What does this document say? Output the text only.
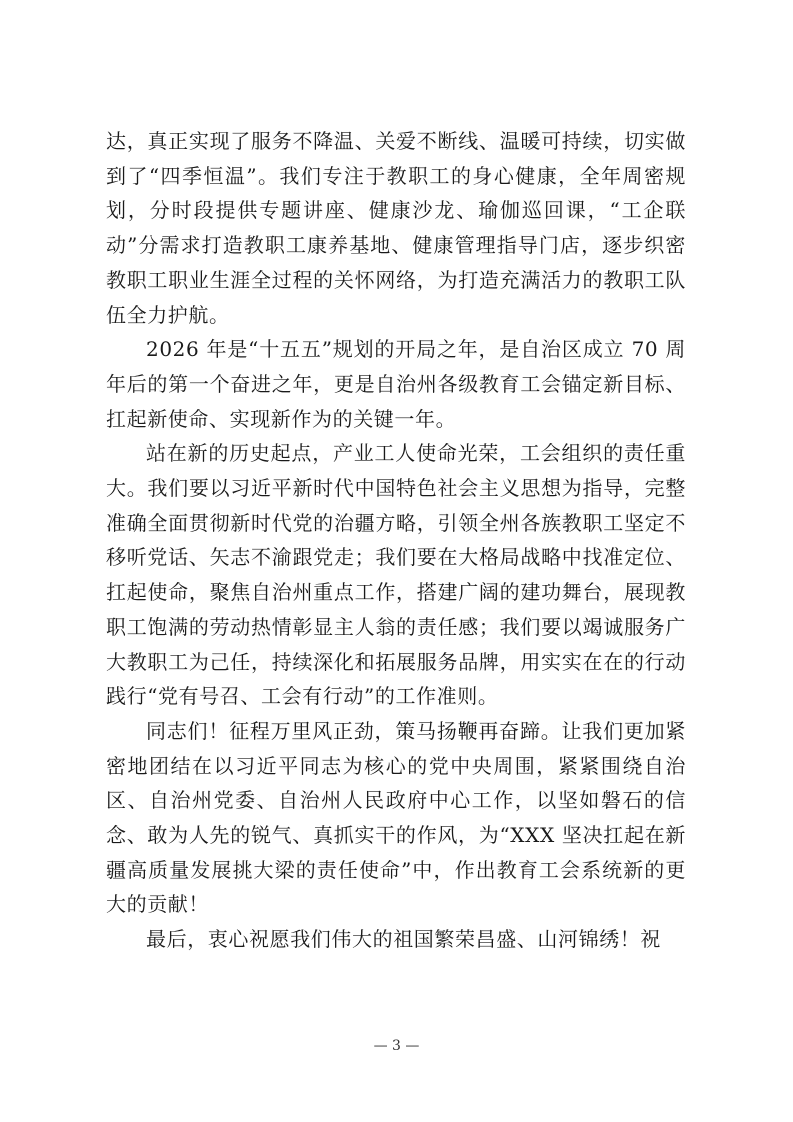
达，真正实现了服务不降温、关爱不断线、温暖可持续，切实做到了“四季恒温”。我们专注于教职工的身心健康，全年周密规划，分时段提供专题讲座、健康沙龙、瑜伽巡回课，“工企联动”分需求打造教职工康养基地、健康管理指导门店，逐步织密教职工职业生涯全过程的关怀网络，为打造充满活力的教职工队伍全力护航。

2026 年是“十五五”规划的开局之年，是自治区成立 70 周年后的第一个奋进之年，更是自治州各级教育工会锚定新目标、扛起新使命、实现新作为的关键一年。

站在新的历史起点，产业工人使命光荣，工会组织的责任重大。我们要以习近平新时代中国特色社会主义思想为指导，完整准确全面贯彻新时代党的治疆方略，引领全州各族教职工坚定不移听党话、矢志不渝跟党走；我们要在大格局战略中找准定位、扛起使命，聚焦自治州重点工作，搭建广阔的建功舞台，展现教职工饱满的劳动热情彰显主人翁的责任感；我们要以竭诚服务广大教职工为己任，持续深化和拓展服务品牌，用实实在在的行动践行“党有号召、工会有行动”的工作准则。

同志们！征程万里风正劲，策马扬鞭再奋蹄。让我们更加紧密地团结在以习近平同志为核心的党中央周围，紧紧围绕自治区、自治州党委、自治州人民政府中心工作，以坚如磐石的信念、敢为人先的锐气、真抓实干的作风，为“XXX 坚决扛起在新疆高质量发展挑大梁的责任使命”中，作出教育工会系统新的更大的贡献！

最后，衷心祝愿我们伟大的祖国繁荣昌盛、山河锦绣！祝

— 3 —
